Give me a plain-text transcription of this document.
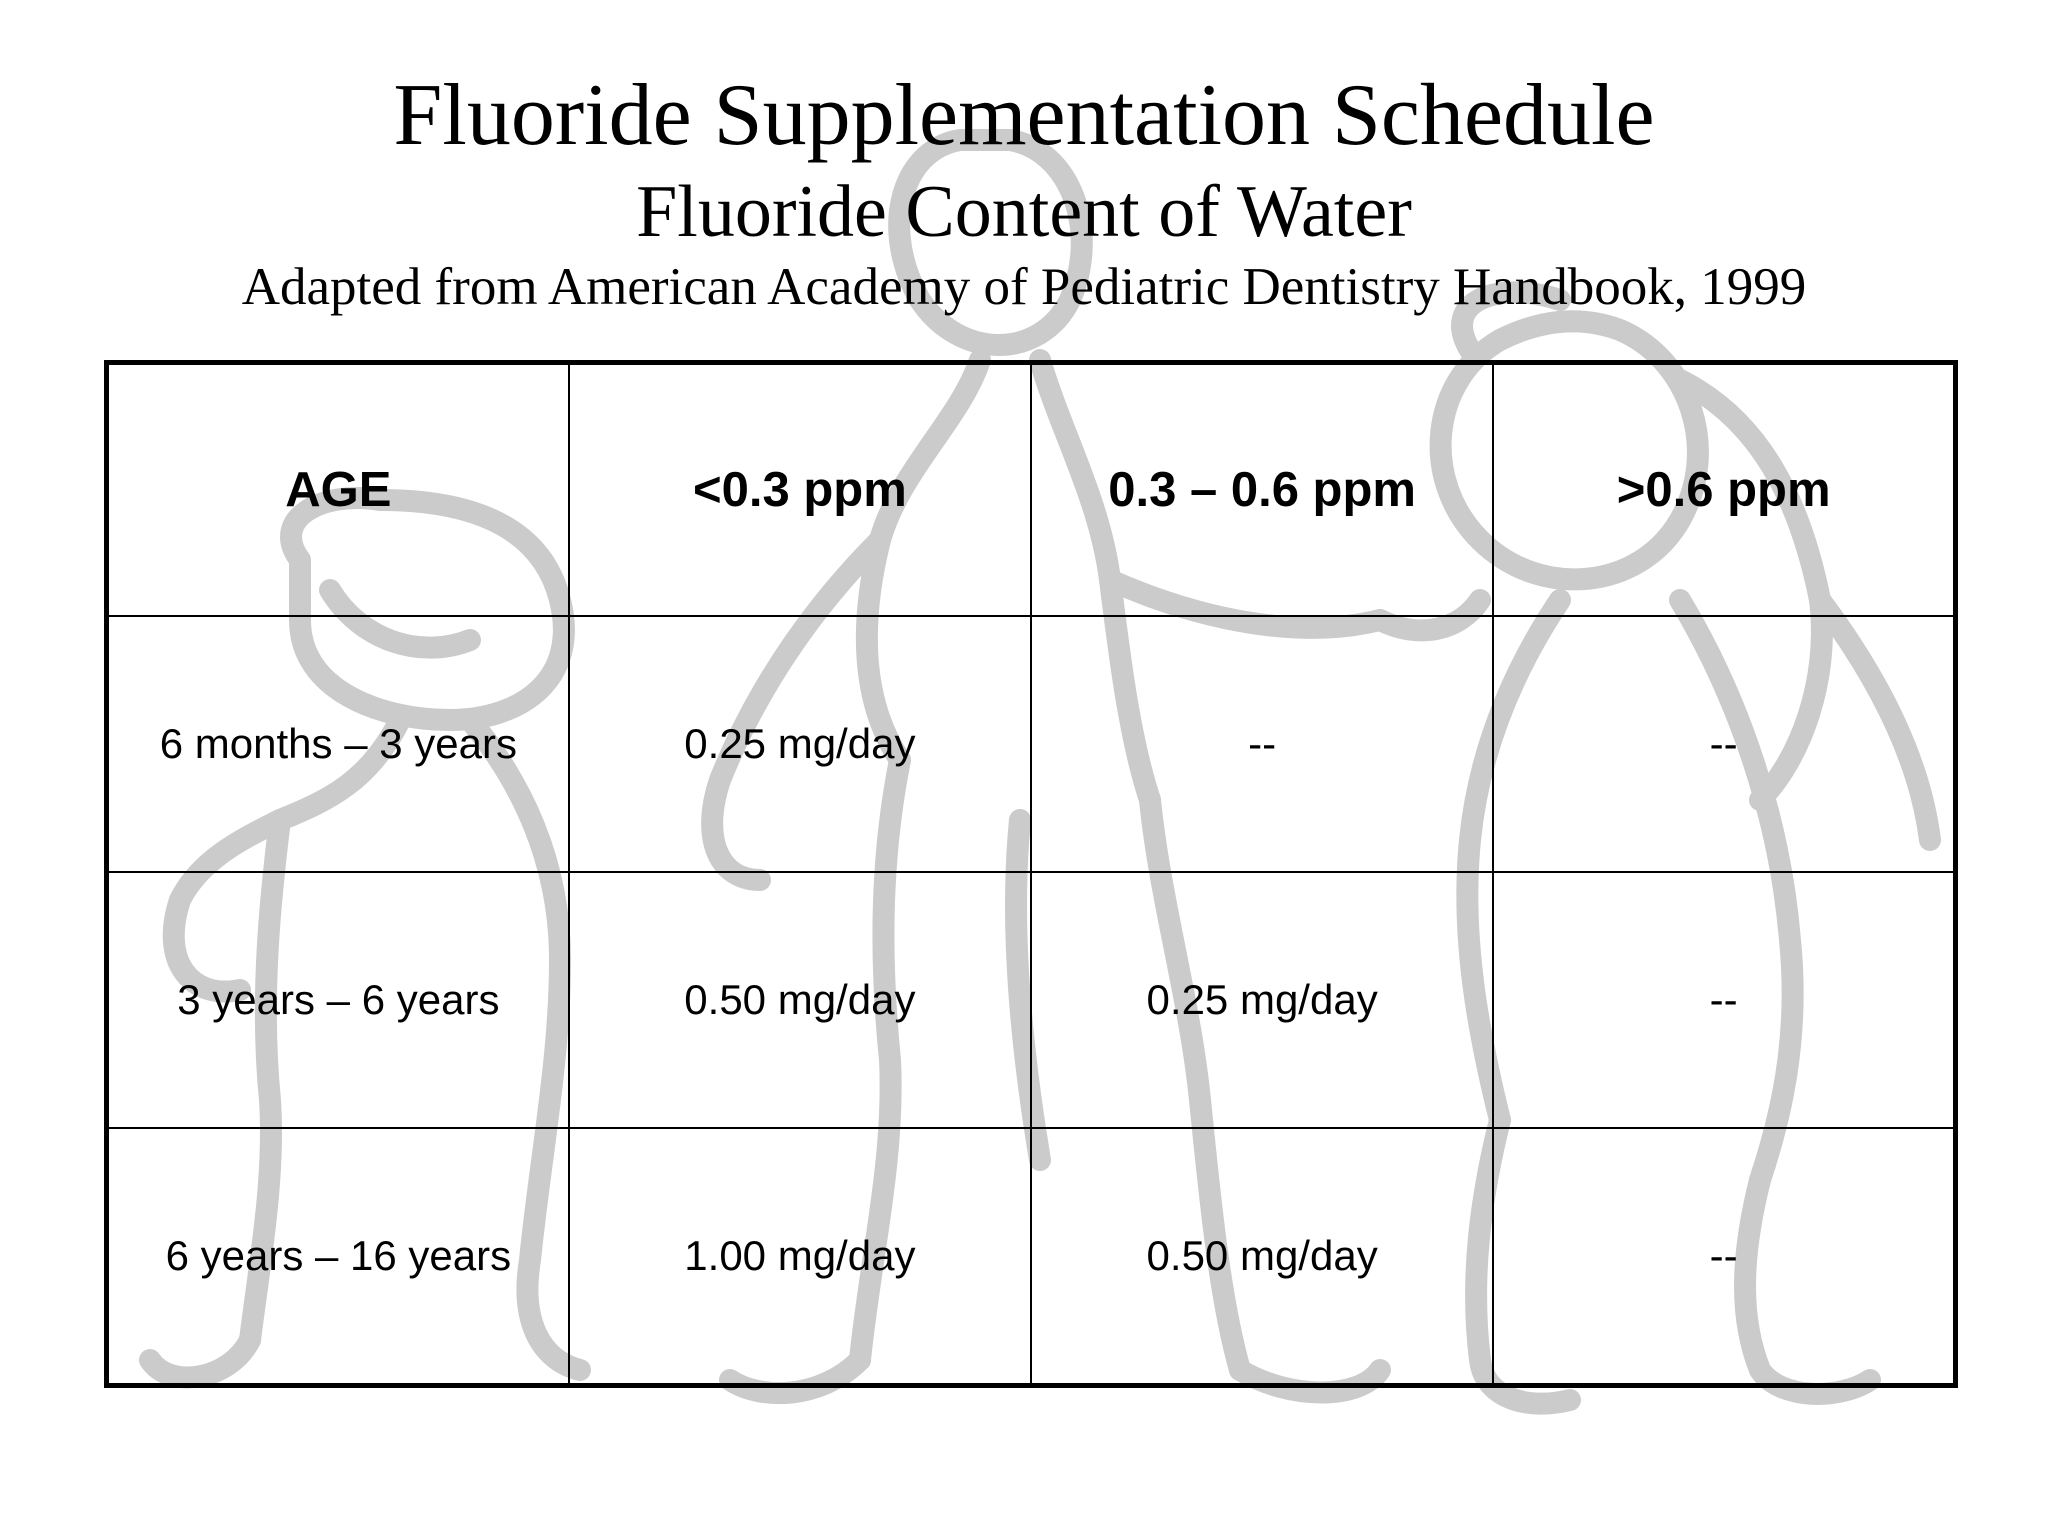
Fluoride Supplementation Schedule
Fluoride Content of Water
Adapted from American Academy of Pediatric Dentistry Handbook, 1999
AGE	<0.3 ppm	0.3 – 0.6 ppm	>0.6 ppm
6 months – 3 years	0.25 mg/day	--	--
3 years – 6 years	0.50 mg/day	0.25 mg/day	--
6 years – 16 years	1.00 mg/day	0.50 mg/day	--
